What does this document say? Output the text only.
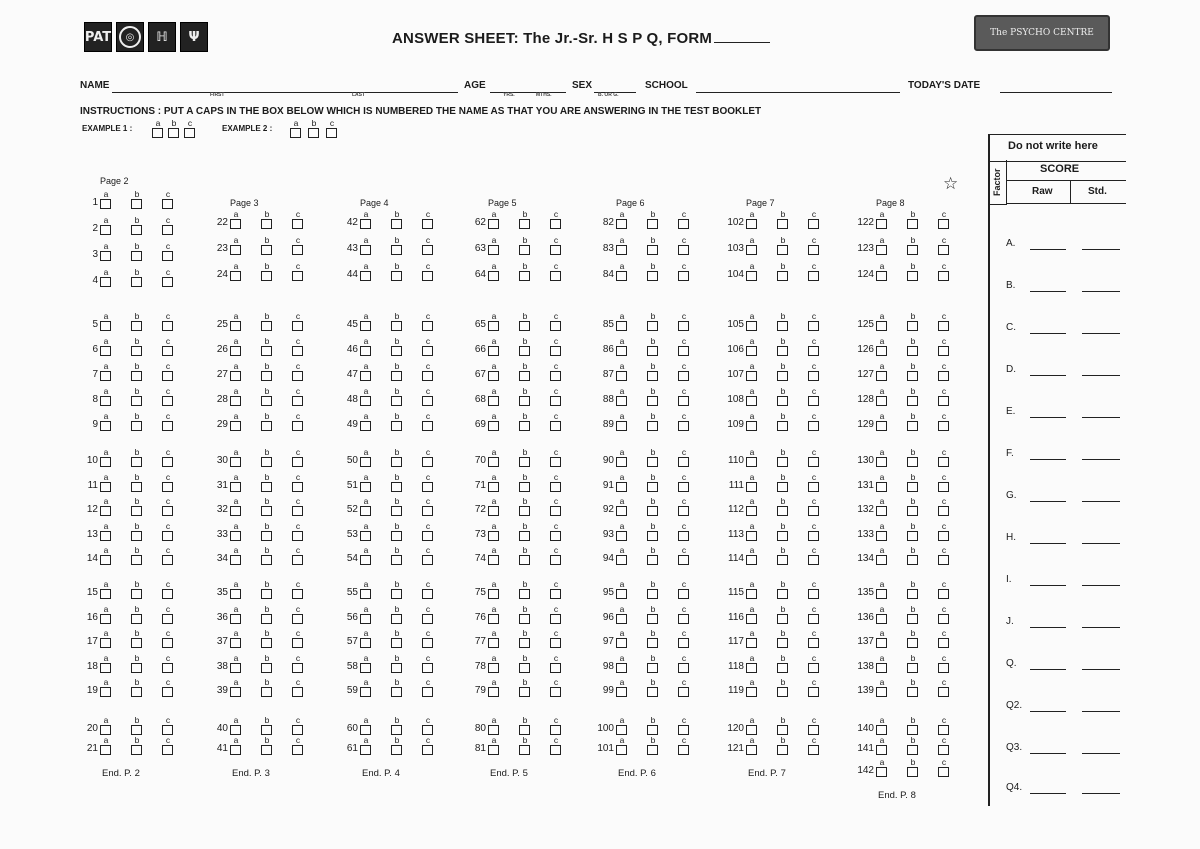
PAT	◎	ℍ Ψ	ANSWER SHEET: The Jr.-Sr. H S P Q, FORM	The PSYCHO CENTRE
NAME
FIRST	LAST
AGE
YRS.	MTHS.
SEX
B. OR G.
SCHOOL	TODAY'S DATE
INSTRUCTIONS : PUT A CAPS IN THE BOX BELOW WHICH IS NUMBERED THE NAME AS THAT YOU ARE ANSWERING IN THE TEST BOOKLET
EXAMPLE 1 :
a	b	c
EXAMPLE 2 :
a	b	c
Page 2
1
a	b	c
2
a	b	c
3
a	b	c
4
a	b	c
5
a	b	c
6
a	b	c
7
a	b	c
8
a	b	c
9
a	b	c
10
a	b	c
11
a	b	c
12
a	b	c
13
a	b	c
14
a	b	c
15
a	b	c
16
a	b	c
17
a	b	c
18
a	b	c
19
a	b	c
20
a	b	c
21
a	b	c
End. P. 2
Page 3
22
a	b	c
23
a	b	c
24
a	b	c
25
a	b	c
26
a	b	c
27
a	b	c
28
a	b	c
29
a	b	c
30
a	b	c
31
a	b	c
32
a	b	c
33
a	b	c
34
a	b	c
35
a	b	c
36
a	b	c
37
a	b	c
38
a	b	c
39
a	b	c
40
a	b	c
41
a	b	c
End. P. 3
Page 4
42
a	b	c
43
a	b	c
44
a	b	c
45
a	b	c
46
a	b	c
47
a	b	c
48
a	b	c
49
a	b	c
50
a	b	c
51
a	b	c
52
a	b	c
53
a	b	c
54
a	b	c
55
a	b	c
56
a	b	c
57
a	b	c
58
a	b	c
59
a	b	c
60
a	b	c
61
a	b	c
End. P. 4
Page 5
62
a	b	c
63
a	b	c
64
a	b	c
65
a	b	c
66
a	b	c
67
a	b	c
68
a	b	c
69
a	b	c
70
a	b	c
71
a	b	c
72
a	b	c
73
a	b	c
74
a	b	c
75
a	b	c
76
a	b	c
77
a	b	c
78
a	b	c
79
a	b	c
80
a	b	c
81
a	b	c
End. P. 5
Page 6
82
a	b	c
83
a	b	c
84
a	b	c
85
a	b	c
86
a	b	c
87
a	b	c
88
a	b	c
89
a	b	c
90
a	b	c
91
a	b	c
92
a	b	c
93
a	b	c
94
a	b	c
95
a	b	c
96
a	b	c
97
a	b	c
98
a	b	c
99
a	b	c
100
a	b	c
101
a	b	c
End. P. 6
Page 7
102
a	b	c
103
a	b	c
104
a	b	c
105
a	b	c
106
a	b	c
107
a	b	c
108
a	b	c
109
a	b	c
110
a	b	c
111
a	b	c
112
a	b	c
113
a	b	c
114
a	b	c
115
a	b	c
116
a	b	c
117
a	b	c
118
a	b	c
119
a	b	c
120
a	b	c
121
a	b	c
End. P. 7
Page 8
122
a	b	c
123
a	b	c
124
a	b	c
125
a	b	c
126
a	b	c
127
a	b	c
128
a	b	c
129
a	b	c
130
a	b	c
131
a	b	c
132
a	b	c
133
a	b	c
134
a	b	c
135
a	b	c
136
a	b	c
137
a	b	c
138
a	b	c
139
a	b	c
140
a	b	c
141
a	b	c
142
a	b	c
End. P. 8
☆
Do not write here
Factor	SCORE
Raw	Std.
A.
B.
C.
D.
E.
F.
G.
H.
I.
J.
Q.
Q2.
Q3.
Q4.
